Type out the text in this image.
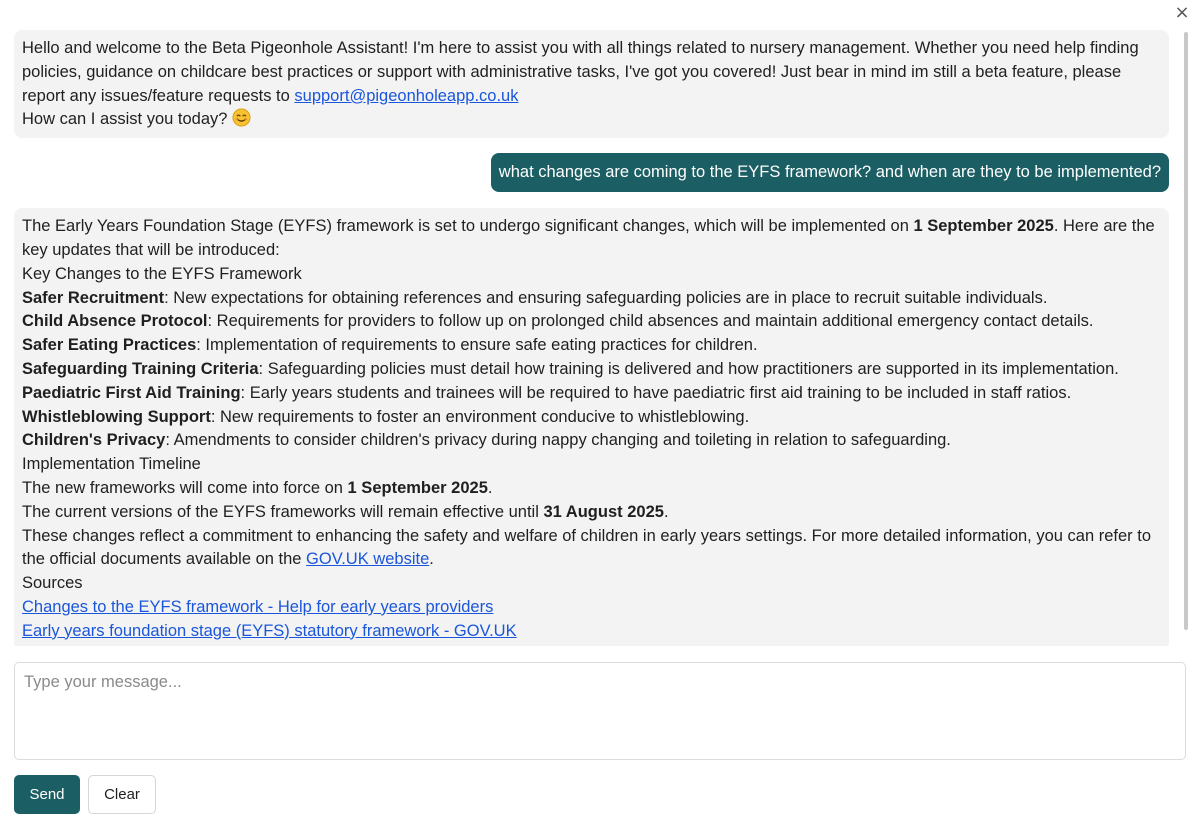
×

Hello and welcome to the Beta Pigeonhole Assistant! I'm here to assist you with all things related to nursery management. Whether you need help finding policies, guidance on childcare best practices or support with administrative tasks, I've got you covered! Just bear in mind im still a beta feature, please report any issues/feature requests to support@pigeonholeapp.co.uk

How can I assist you today?

what changes are coming to the EYFS framework? and when are they to be implemented?

The Early Years Foundation Stage (EYFS) framework is set to undergo significant changes, which will be implemented on 1 September 2025. Here are the key updates that will be introduced:

Key Changes to the EYFS Framework

Safer Recruitment: New expectations for obtaining references and ensuring safeguarding policies are in place to recruit suitable individuals.

Child Absence Protocol: Requirements for providers to follow up on prolonged child absences and maintain additional emergency contact details.

Safer Eating Practices: Implementation of requirements to ensure safe eating practices for children.

Safeguarding Training Criteria: Safeguarding policies must detail how training is delivered and how practitioners are supported in its implementation.

Paediatric First Aid Training: Early years students and trainees will be required to have paediatric first aid training to be included in staff ratios.

Whistleblowing Support: New requirements to foster an environment conducive to whistleblowing.

Children's Privacy: Amendments to consider children's privacy during nappy changing and toileting in relation to safeguarding.

Implementation Timeline

The new frameworks will come into force on 1 September 2025.

The current versions of the EYFS frameworks will remain effective until 31 August 2025.

These changes reflect a commitment to enhancing the safety and welfare of children in early years settings. For more detailed information, you can refer to the official documents available on the GOV.UK website.

Sources

Changes to the EYFS framework - Help for early years providers

Early years foundation stage (EYFS) statutory framework - GOV.UK

Type your message...
Send	Clear
